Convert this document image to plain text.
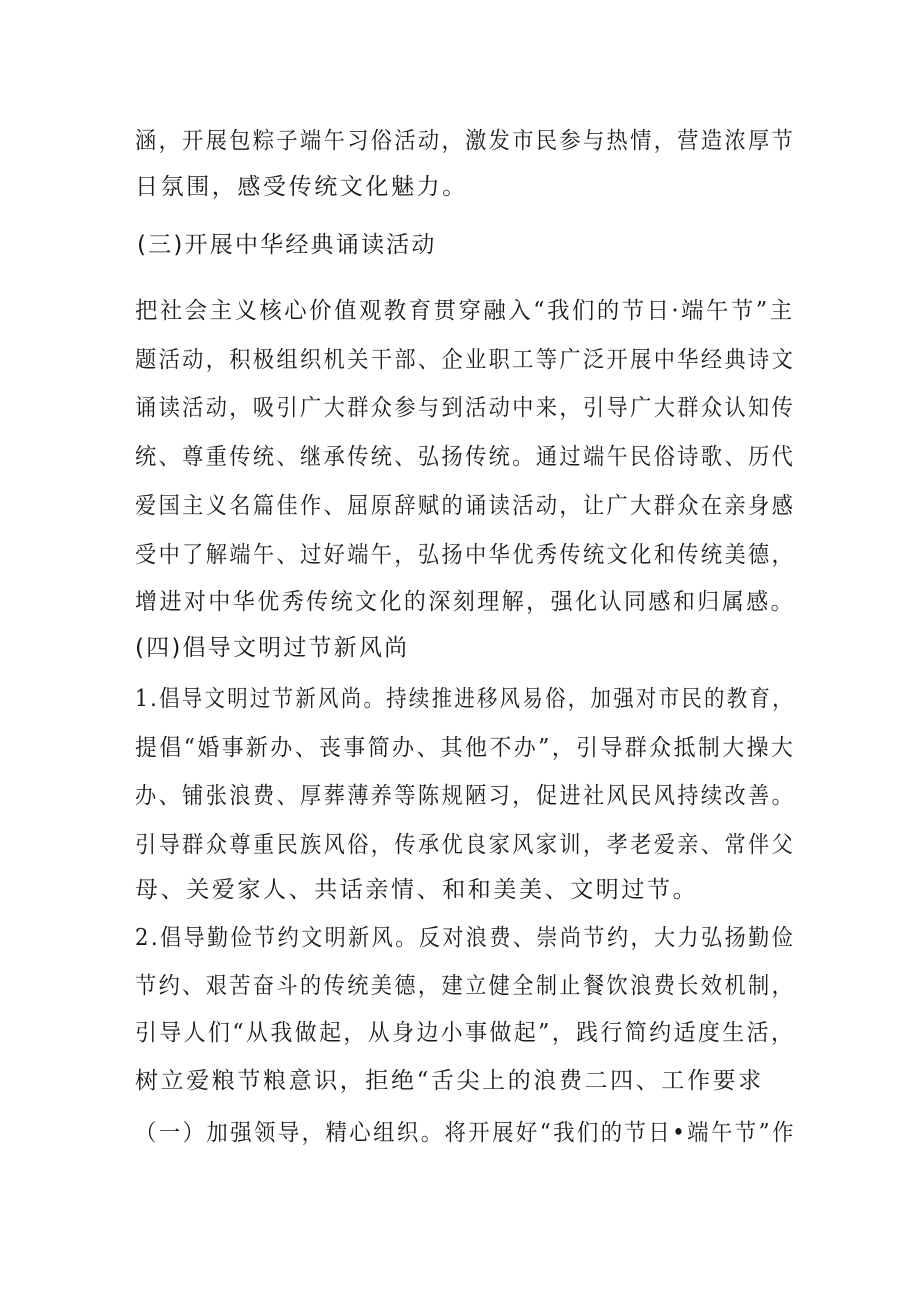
涵，开展包粽子端午习俗活动，激发市民参与热情，营造浓厚节
日氛围，感受传统文化魅力。
(三)开展中华经典诵读活动
把社会主义核心价值观教育贯穿融入“我们的节日·端午节”主
题活动，积极组织机关干部、企业职工等广泛开展中华经典诗文
诵读活动，吸引广大群众参与到活动中来，引导广大群众认知传
统、尊重传统、继承传统、弘扬传统。通过端午民俗诗歌、历代
爱国主义名篇佳作、屈原辞赋的诵读活动，让广大群众在亲身感
受中了解端午、过好端午，弘扬中华优秀传统文化和传统美德，
增进对中华优秀传统文化的深刻理解，强化认同感和归属感。
(四)倡导文明过节新风尚
1.倡导文明过节新风尚。持续推进移风易俗，加强对市民的教育，
提倡“婚事新办、丧事简办、其他不办”，引导群众抵制大操大
办、铺张浪费、厚葬薄养等陈规陋习，促进社风民风持续改善。
引导群众尊重民族风俗，传承优良家风家训，孝老爱亲、常伴父
母、关爱家人、共话亲情、和和美美、文明过节。
2.倡导勤俭节约文明新风。反对浪费、崇尚节约，大力弘扬勤俭
节约、艰苦奋斗的传统美德，建立健全制止餐饮浪费长效机制，
引导人们“从我做起，从身边小事做起”，践行简约适度生活，
树立爱粮节粮意识，拒绝“舌尖上的浪费二四、工作要求
（一）加强领导，精心组织。将开展好“我们的节日•端午节”作
